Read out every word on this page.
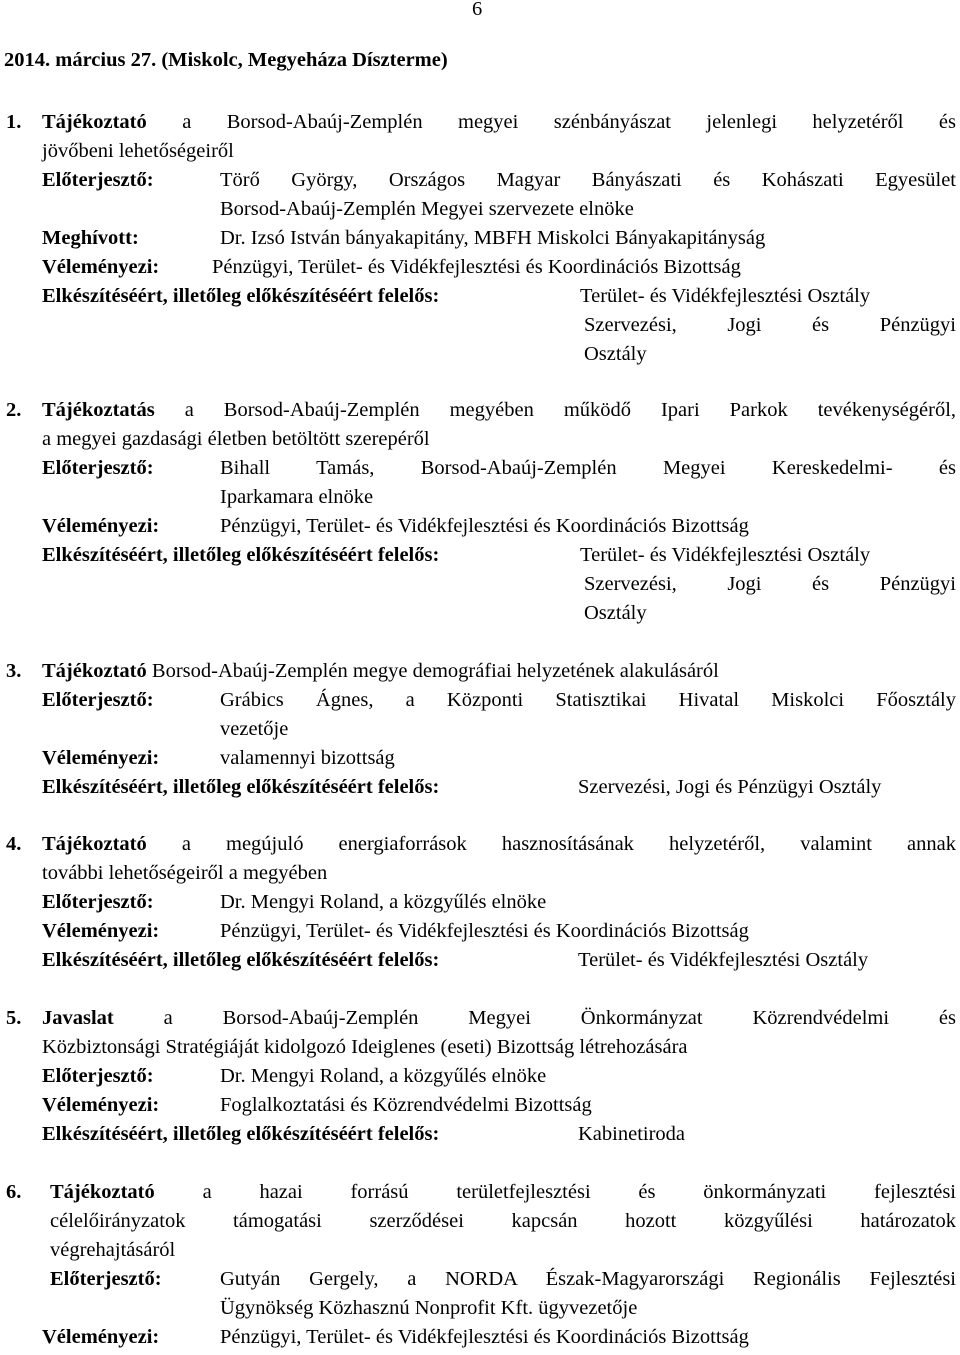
6
2014. március 27. (Miskolc, Megyeháza Díszterme)
1. Tájékoztató a Borsod-Abaúj-Zemplén megyei szénbányászat jelenlegi helyzetéről és
jövőbeni lehetőségeiről
Előterjesztő:	Törő György, Országos Magyar Bányászati és Kohászati Egyesület
Borsod-Abaúj-Zemplén Megyei szervezete elnöke
Meghívott:	Dr. Izsó István bányakapitány, MBFH Miskolci Bányakapitányság
Véleményezi:	Pénzügyi, Terület- és Vidékfejlesztési és Koordinációs Bizottság
Elkészítéséért, illetőleg előkészítéséért felelős:	Terület- és Vidékfejlesztési Osztály
Szervezési, Jogi és Pénzügyi
Osztály
2. Tájékoztatás a Borsod-Abaúj-Zemplén megyében működő Ipari Parkok tevékenységéről,
a megyei gazdasági életben betöltött szerepéről
Előterjesztő:	Bihall Tamás, Borsod-Abaúj-Zemplén Megyei Kereskedelmi- és
Iparkamara elnöke
Véleményezi:	Pénzügyi, Terület- és Vidékfejlesztési és Koordinációs Bizottság
Elkészítéséért, illetőleg előkészítéséért felelős:	Terület- és Vidékfejlesztési Osztály
Szervezési, Jogi és Pénzügyi
Osztály
3. Tájékoztató Borsod-Abaúj-Zemplén megye demográfiai helyzetének alakulásáról
Előterjesztő:	Grábics Ágnes, a Központi Statisztikai Hivatal Miskolci Főosztály
vezetője
Véleményezi:	valamennyi bizottság
Elkészítéséért, illetőleg előkészítéséért felelős:	Szervezési, Jogi és Pénzügyi Osztály
4. Tájékoztató a megújuló energiaforrások hasznosításának helyzetéről, valamint annak
további lehetőségeiről a megyében
Előterjesztő:	Dr. Mengyi Roland, a közgyűlés elnöke
Véleményezi:	Pénzügyi, Terület- és Vidékfejlesztési és Koordinációs Bizottság
Elkészítéséért, illetőleg előkészítéséért felelős:	Terület- és Vidékfejlesztési Osztály
5. Javaslat a Borsod-Abaúj-Zemplén Megyei Önkormányzat Közrendvédelmi és
Közbiztonsági Stratégiáját kidolgozó Ideiglenes (eseti) Bizottság létrehozására
Előterjesztő:	Dr. Mengyi Roland, a közgyűlés elnöke
Véleményezi:	Foglalkoztatási és Közrendvédelmi Bizottság
Elkészítéséért, illetőleg előkészítéséért felelős:	Kabinetiroda
6. Tájékoztató a hazai forrású területfejlesztési és önkormányzati fejlesztési
célelőirányzatok támogatási szerződései kapcsán hozott közgyűlési határozatok
végrehajtásáról
Előterjesztő:	Gutyán Gergely, a NORDA Észak-Magyarországi Regionális Fejlesztési
Ügynökség Közhasznú Nonprofit Kft. ügyvezetője
Véleményezi:	Pénzügyi, Terület- és Vidékfejlesztési és Koordinációs Bizottság
